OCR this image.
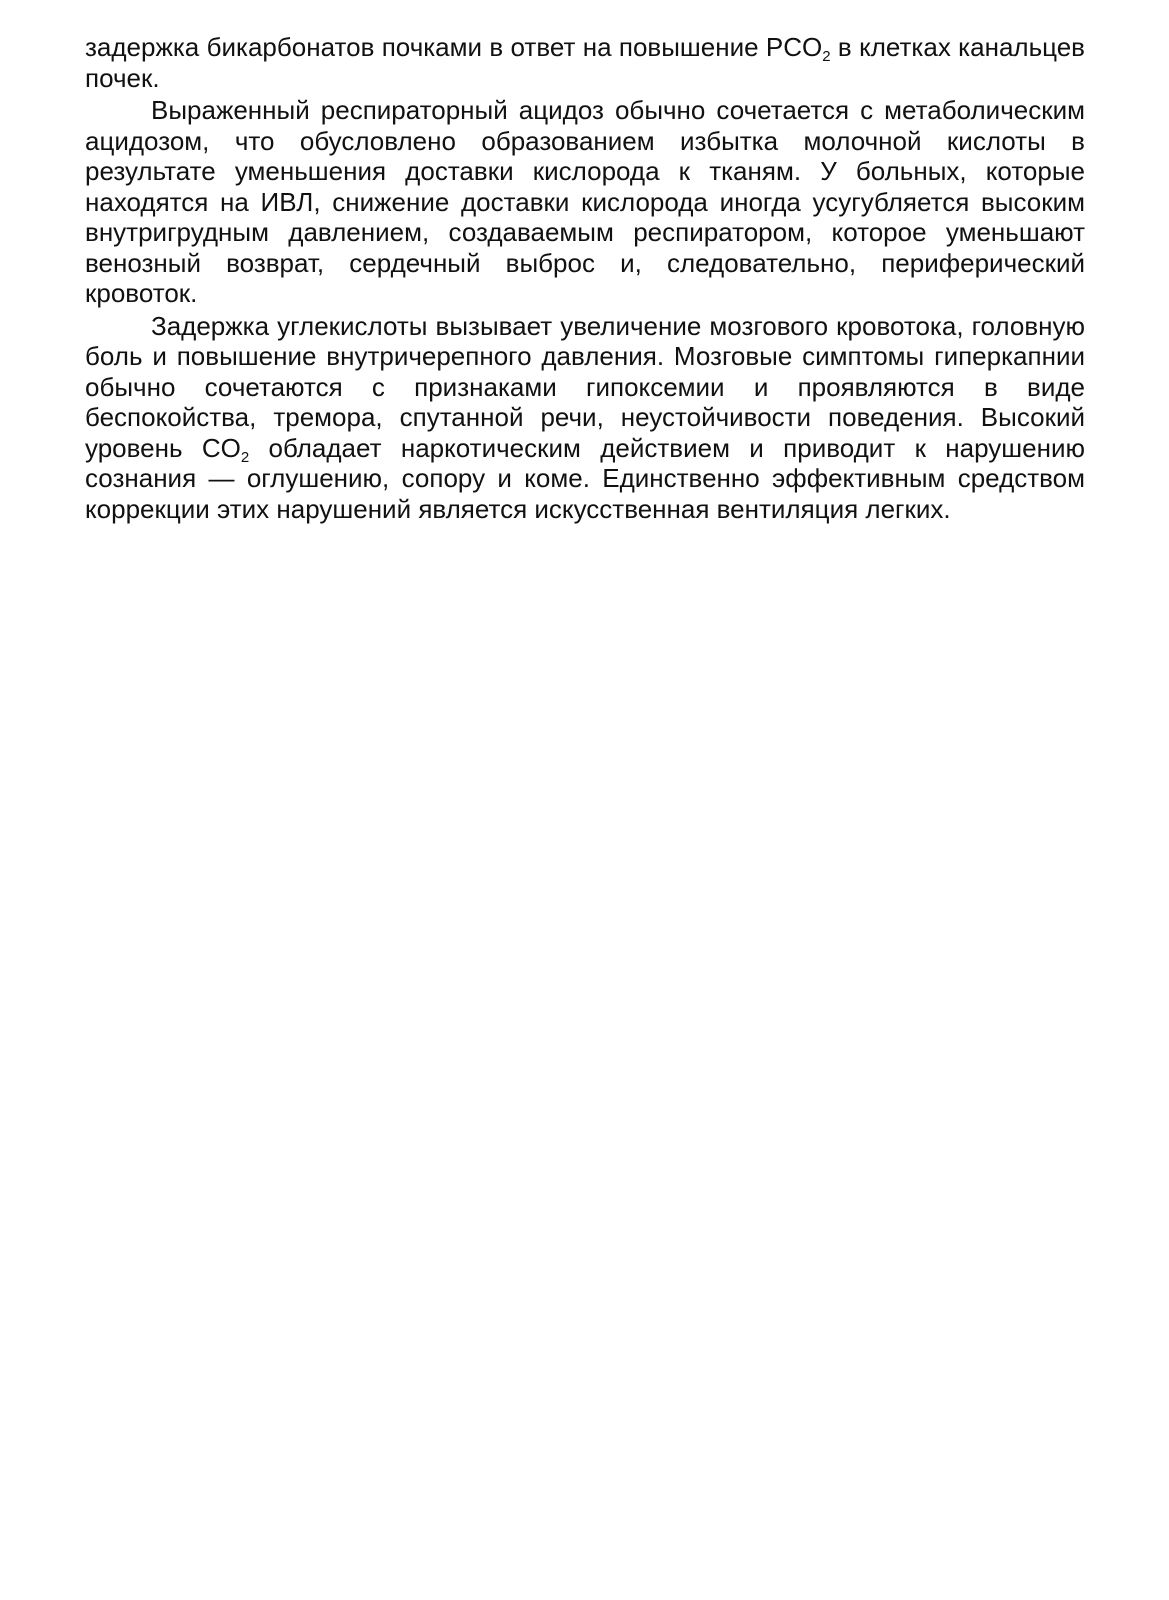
задержка бикарбонатов почками в ответ на повышение $PCO_2$ в клетках канальцев почек.

Выраженный респираторный ацидоз обычно сочетается с метаболическим ацидозом, что обусловлено образованием избытка молочной кислоты в результате уменьшения доставки кислорода к тканям. У больных, которые находятся на ИВЛ, снижение доставки кислорода иногда усугубляется высоким внутригрудным давлением, создаваемым респиратором, которое уменьшают венозный возврат, сердечный выброс и, следовательно, периферический кровоток.

Задержка углекислоты вызывает увеличение мозгового кровотока, головную боль и повышение внутричерепного давления. Мозговые симптомы гиперкапнии обычно сочетаются с признаками гипоксемии и проявляются в виде беспокойства, тремора, спутанной речи, неустойчивости поведения. Высокий уровень $CO_2$ обладает наркотическим действием и приводит к нарушению сознания — оглушению, сопору и коме. Единственно эффективным средством коррекции этих нарушений является искусственная вентиляция легких.
